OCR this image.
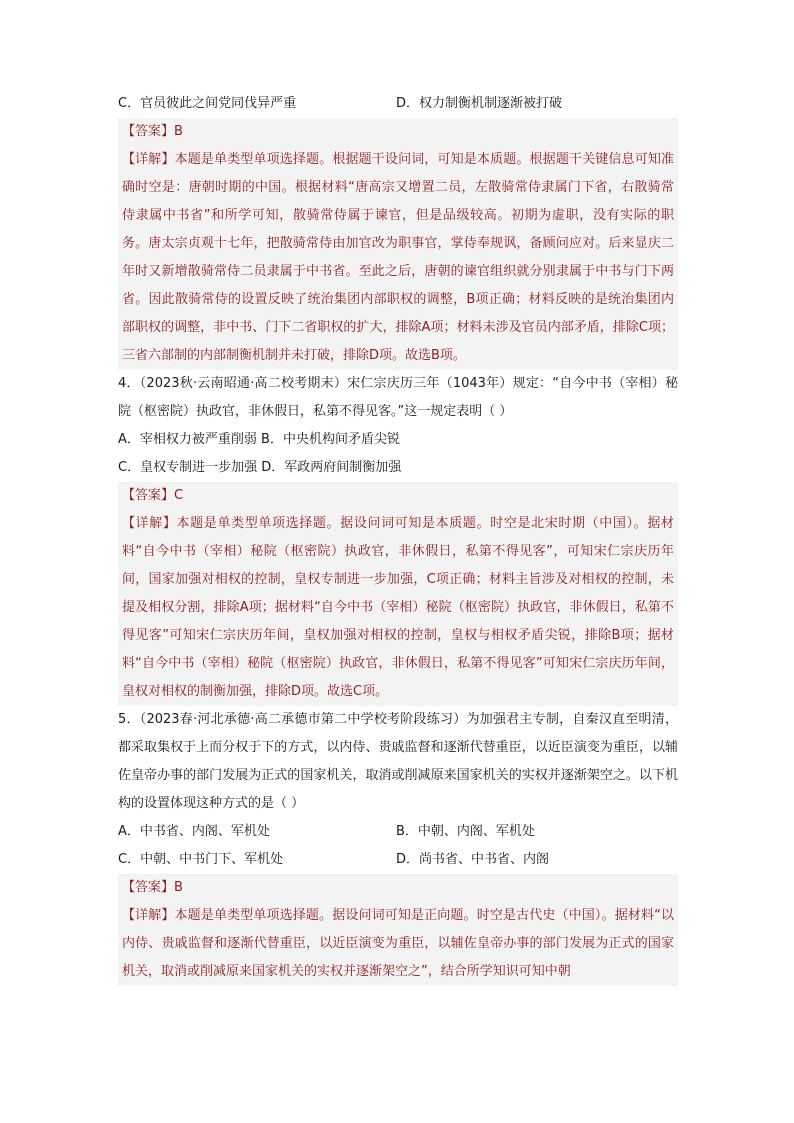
C．官员彼此之间党同伐异严重	D．权力制衡机制逐渐被打破
【答案】B
【详解】本题是单类型单项选择题。根据题干设问词，可知是本质题。根据题干关键信息可知准确时空是：唐朝时期的中国。根据材料“唐高宗又增置二员，左散骑常侍隶属门下省，右散骑常侍隶属中书省”和所学可知，散骑常侍属于谏官，但是品级较高。初期为虚职，没有实际的职务。唐太宗贞观十七年，把散骑常侍由加官改为职事官，掌侍奉规讽，备顾问应对。后来显庆二年时又新增散骑常侍二员隶属于中书省。至此之后，唐朝的谏官组织就分别隶属于中书与门下两省。因此散骑常侍的设置反映了统治集团内部职权的调整，B项正确；材料反映的是统治集团内部职权的调整，非中书、门下二省职权的扩大，排除A项；材料未涉及官员内部矛盾，排除C项；三省六部制的内部制衡机制并未打破，排除D项。故选B项。
4．（2023秋·云南昭通·高二校考期末）宋仁宗庆历三年（1043年）规定：“自今中书（宰相）秘院（枢密院）执政官，非休假日，私第不得见客。”这一规定表明（ ）
A．宰相权力被严重削弱 B．中央机构间矛盾尖锐
C．皇权专制进一步加强 D．军政两府间制衡加强
【答案】C
【详解】本题是单类型单项选择题。据设问词可知是本质题。时空是北宋时期（中国）。据材料“自今中书（宰相）秘院（枢密院）执政官，非休假日，私第不得见客”，可知宋仁宗庆历年间，国家加强对相权的控制，皇权专制进一步加强，C项正确；材料主旨涉及对相权的控制，未提及相权分割，排除A项；据材料“自今中书（宰相）秘院（枢密院）执政官，非休假日，私第不得见客”可知宋仁宗庆历年间，皇权加强对相权的控制，皇权与相权矛盾尖锐，排除B项；据材料“自今中书（宰相）秘院（枢密院）执政官，非休假日，私第不得见客”可知宋仁宗庆历年间，皇权对相权的制衡加强，排除D项。故选C项。
5．（2023春·河北承德·高二承德市第二中学校考阶段练习）为加强君主专制，自秦汉直至明清，都采取集权于上而分权于下的方式，以内侍、贵戚监督和逐渐代替重臣，以近臣演变为重臣，以辅佐皇帝办事的部门发展为正式的国家机关，取消或削减原来国家机关的实权并逐渐架空之。以下机构的设置体现这种方式的是（ ）
A．中书省、内阁、军机处	B．中朝、内阁、军机处
C．中朝、中书门下、军机处	D．尚书省、中书省、内阁
【答案】B
【详解】本题是单类型单项选择题。据设问词可知是正向题。时空是古代史（中国）。据材料“以内侍、贵戚监督和逐渐代替重臣，以近臣演变为重臣，以辅佐皇帝办事的部门发展为正式的国家机关，取消或削减原来国家机关的实权并逐渐架空之”，结合所学知识可知中朝
